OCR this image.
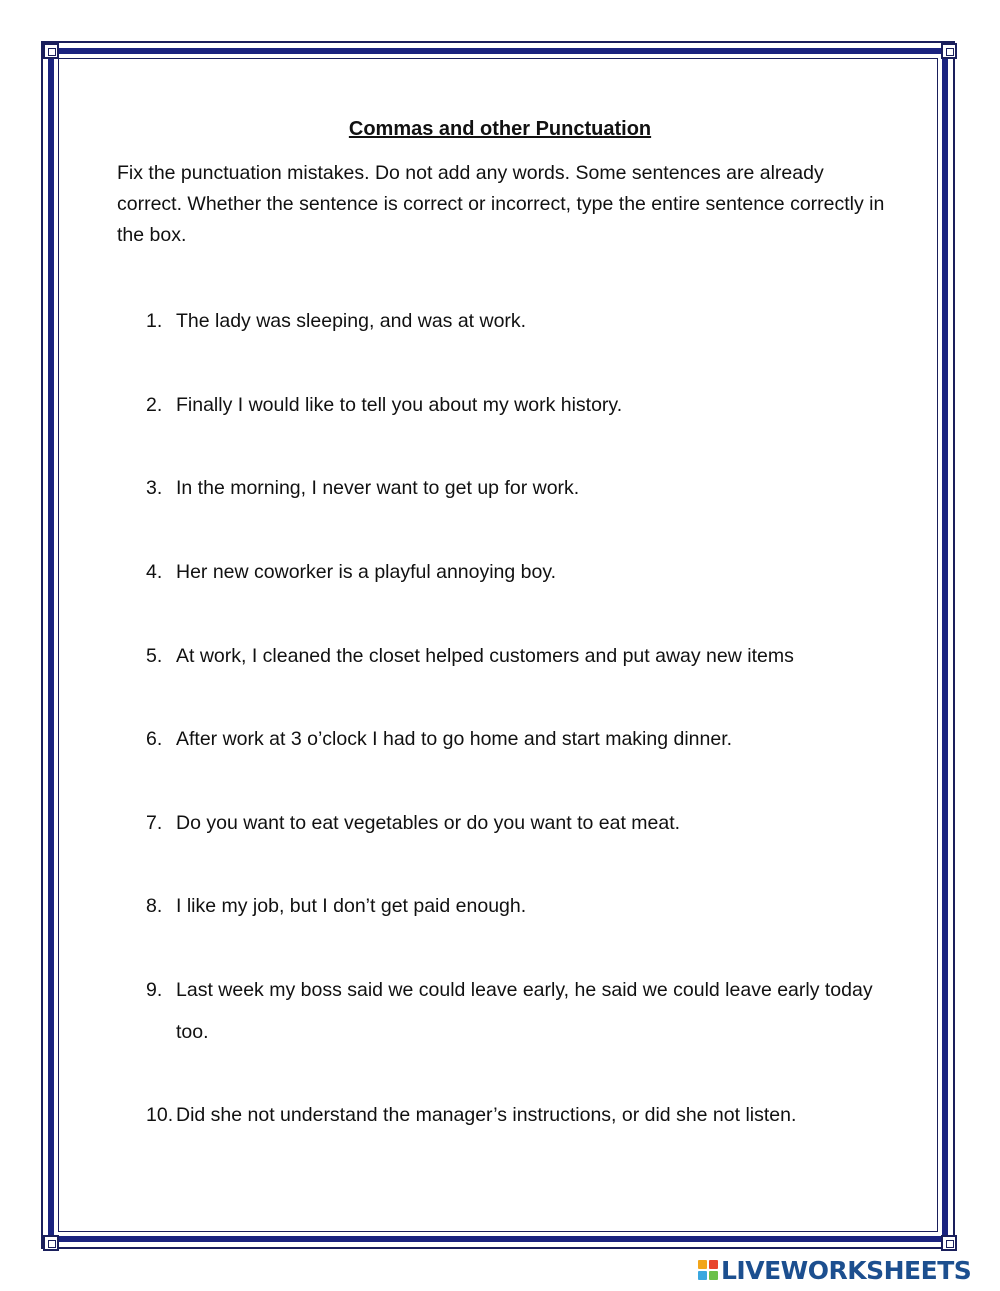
Commas and other Punctuation

Fix the punctuation mistakes. Do not add any words. Some sentences are already correct. Whether the sentence is correct or incorrect, type the entire sentence correctly in the box.

1. The lady was sleeping, and was at work.
2. Finally I would like to tell you about my work history.
3. In the morning, I never want to get up for work.
4. Her new coworker is a playful annoying boy.
5. At work, I cleaned the closet helped customers and put away new items
6. After work at 3 o’clock I had to go home and start making dinner.
7. Do you want to eat vegetables or do you want to eat meat.
8. I like my job, but I don’t get paid enough.
9. Last week my boss said we could leave early, he said we could leave early today too.
10. Did she not understand the manager’s instructions, or did she not listen.
LIVEWORKSHEETS
